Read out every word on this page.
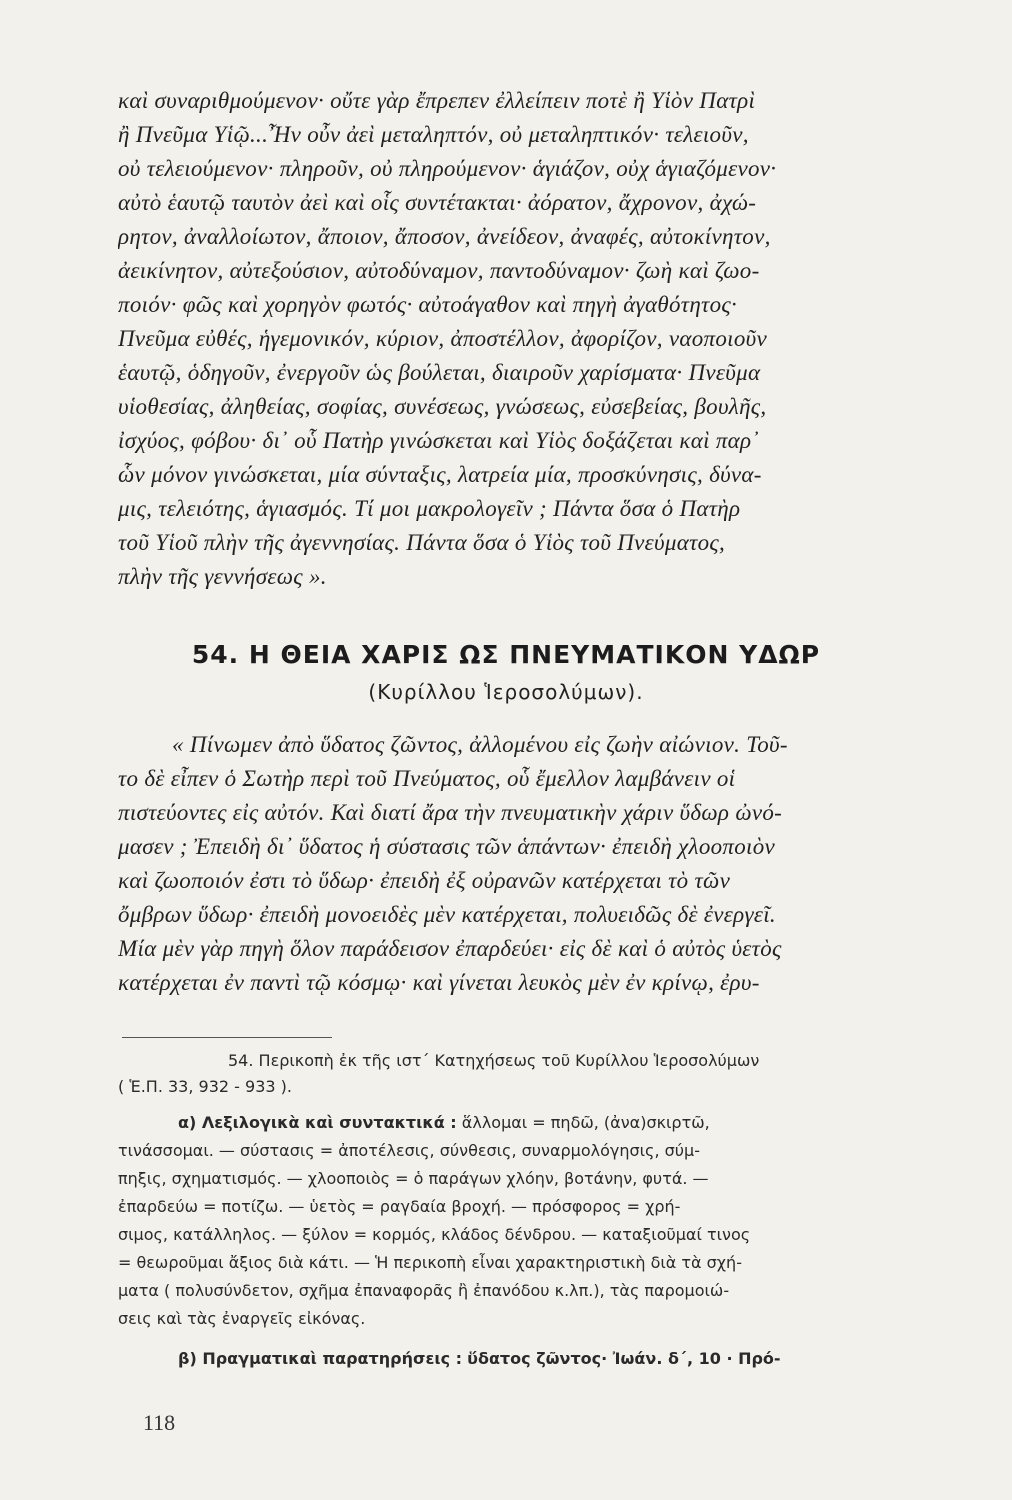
καὶ συναριθμούμενον· οὔτε γὰρ ἔπρεπεν ἐλλείπειν ποτὲ ἢ Υἱὸν Πατρὶ
ἢ Πνεῦμα Υἱῷ...Ἦν οὖν ἀεὶ μεταληπτόν, οὐ μεταληπτικόν· τελειοῦν,
οὐ τελειούμενον· πληροῦν, οὐ πληρούμενον· ἁγιάζον, οὐχ ἁγιαζόμενον·
αὐτὸ ἑαυτῷ ταυτὸν ἀεὶ καὶ οἷς συντέτακται· ἀόρατον, ἄχρονον, ἀχώ-
ρητον, ἀναλλοίωτον, ἄποιον, ἄποσον, ἀνείδεον, ἀναφές, αὐτοκίνητον,
ἀεικίνητον, αὐτεξούσιον, αὐτοδύναμον, παντοδύναμον· ζωὴ καὶ ζωο-
ποιόν· φῶς καὶ χορηγὸν φωτός· αὐτοάγαθον καὶ πηγὴ ἀγαθότητος·
Πνεῦμα εὐθές, ἡγεμονικόν, κύριον, ἀποστέλλον, ἀφορίζον, ναοποιοῦν
ἑαυτῷ, ὁδηγοῦν, ἐνεργοῦν ὡς βούλεται, διαιροῦν χαρίσματα· Πνεῦμα
υἱοθεσίας, ἀληθείας, σοφίας, συνέσεως, γνώσεως, εὐσεβείας, βουλῆς,
ἰσχύος, φόβου· δι᾿ οὗ Πατὴρ γινώσκεται καὶ Υἱὸς δοξάζεται καὶ παρ᾿
ὧν μόνον γινώσκεται, μία σύνταξις, λατρεία μία, προσκύνησις, δύνα-
μις, τελειότης, ἁγιασμός. Τί μοι μακρολογεῖν ; Πάντα ὅσα ὁ Πατὴρ
τοῦ Υἱοῦ πλὴν τῆς ἀγεννησίας. Πάντα ὅσα ὁ Υἱὸς τοῦ Πνεύματος,
πλὴν τῆς γεννήσεως ».
54. Η ΘΕΙΑ ΧΑΡΙΣ ΩΣ ΠΝΕΥΜΑΤΙΚΟΝ ΥΔΩΡ
(Κυρίλλου Ἱεροσολύμων).
« Πίνωμεν ἀπὸ ὕδατος ζῶντος, ἀλλομένου εἰς ζωὴν αἰώνιον. Τοῦ-
το δὲ εἶπεν ὁ Σωτὴρ περὶ τοῦ Πνεύματος, οὗ ἔμελλον λαμβάνειν οἱ
πιστεύοντες εἰς αὐτόν. Καὶ διατί ἄρα τὴν πνευματικὴν χάριν ὕδωρ ὠνό-
μασεν ; Ἐπειδὴ δι᾿ ὕδατος ἡ σύστασις τῶν ἁπάντων· ἐπειδὴ χλοοποιὸν
καὶ ζωοποιόν ἐστι τὸ ὕδωρ· ἐπειδὴ ἐξ οὐρανῶν κατέρχεται τὸ τῶν
ὄμβρων ὕδωρ· ἐπειδὴ μονοειδὲς μὲν κατέρχεται, πολυειδῶς δὲ ἐνεργεῖ.
Μία μὲν γὰρ πηγὴ ὅλον παράδεισον ἐπαρδεύει· εἰς δὲ καὶ ὁ αὐτὸς ὑετὸς
κατέρχεται ἐν παντὶ τῷ κόσμῳ· καὶ γίνεται λευκὸς μὲν ἐν κρίνῳ, ἐρυ-
54. Περικοπὴ ἐκ τῆς ιστ´ Κατηχήσεως τοῦ Κυρίλλου Ἱεροσολύμων
( Ἑ.Π. 33, 932 - 933 ).
α) Λεξιλογικὰ καὶ συντακτικά : ἅλλομαι = πηδῶ, (ἀνα)σκιρτῶ,
τινάσσομαι. — σύστασις = ἀποτέλεσις, σύνθεσις, συναρμολόγησις, σύμ-
πηξις, σχηματισμός. — χλοοποιὸς = ὁ παράγων χλόην, βοτάνην, φυτά. —
ἐπαρδεύω = ποτίζω. — ὑετὸς = ραγδαία βροχή. — πρόσφορος = χρή-
σιμος, κατάλληλος. — ξύλον = κορμός, κλάδος δένδρου. — καταξιοῦμαί τινος
= θεωροῦμαι ἄξιος διὰ κάτι. — Ἡ περικοπὴ εἶναι χαρακτηριστικὴ διὰ τὰ σχή-
ματα ( πολυσύνδετον, σχῆμα ἐπαναφορᾶς ἢ ἐπανόδου κ.λπ.), τὰς παρομοιώ-
σεις καὶ τὰς ἐναργεῖς εἰκόνας.
β) Πραγματικαὶ παρατηρήσεις : ὕδατος ζῶντος· Ἰωάν. δ´, 10 · Πρό-
118
